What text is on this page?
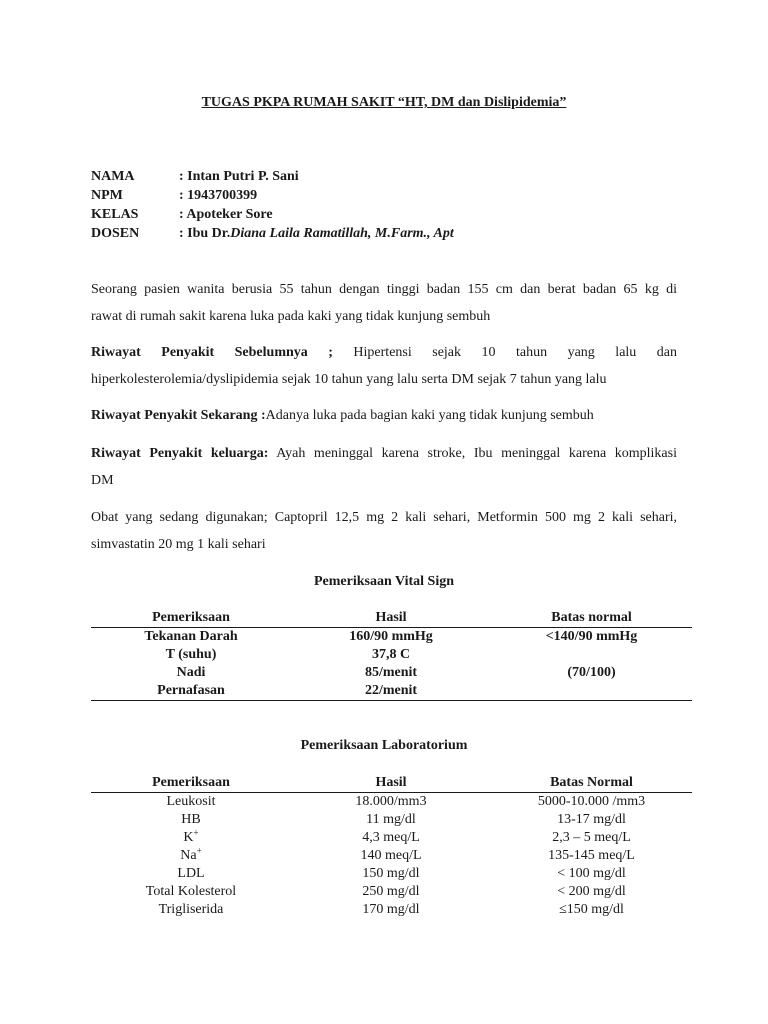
TUGAS PKPA RUMAH SAKIT “HT, DM dan Dislipidemia”
NAMA	: Intan Putri P. Sani
NPM	: 1943700399
KELAS	: Apoteker Sore
DOSEN	: Ibu Dr.Diana Laila Ramatillah, M.Farm., Apt
Seorang pasien wanita berusia 55 tahun dengan tinggi badan 155 cm dan berat badan 65 kg di
rawat di rumah sakit karena luka pada kaki yang tidak kunjung sembuh
Riwayat Penyakit Sebelumnya ; Hipertensi sejak 10 tahun yang lalu dan
hiperkolesterolemia/dyslipidemia sejak 10 tahun yang lalu serta DM sejak 7 tahun yang lalu
Riwayat Penyakit Sekarang :Adanya luka pada bagian kaki yang tidak kunjung sembuh
Riwayat Penyakit keluarga: Ayah meninggal karena stroke, Ibu meninggal karena komplikasi
DM
Obat yang sedang digunakan; Captopril 12,5 mg 2 kali sehari, Metformin 500 mg 2 kali sehari,
simvastatin 20 mg 1 kali sehari
Pemeriksaan Vital Sign
Pemeriksaan	Hasil	Batas normal
Tekanan Darah	160/90 mmHg	<140/90 mmHg
T (suhu)	37,8 C	
Nadi	85/menit	(70/100)
Pernafasan	22/menit	
Pemeriksaan Laboratorium
Pemeriksaan	Hasil	Batas Normal
Leukosit	18.000/mm3	5000-10.000 /mm3
HB	11 mg/dl	13-17 mg/dl
K+	4,3 meq/L	2,3 – 5 meq/L
Na+	140 meq/L	135-145 meq/L
LDL	150 mg/dl	< 100 mg/dl
Total Kolesterol	250 mg/dl	< 200 mg/dl
Trigliserida	170 mg/dl	≤150 mg/dl
